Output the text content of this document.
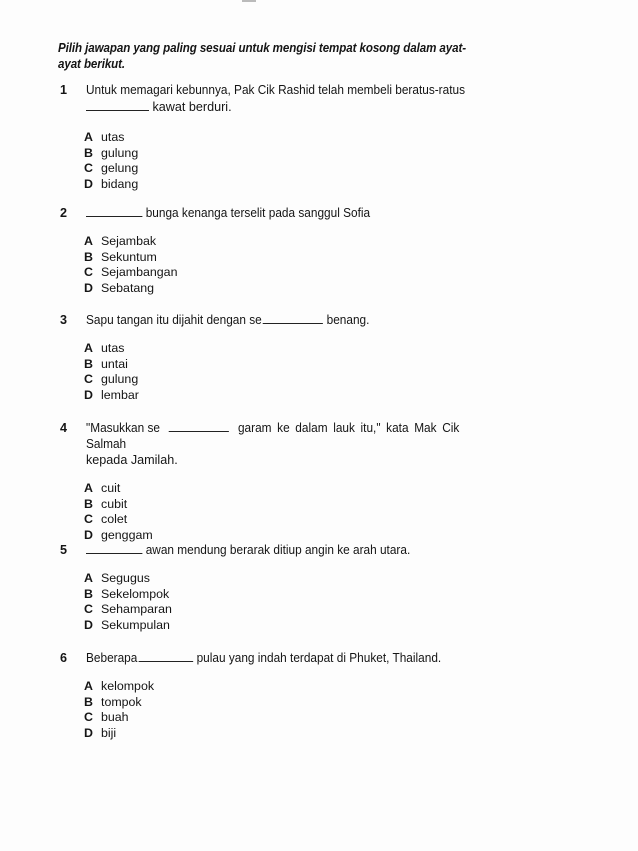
Pilih jawapan yang paling sesuai untuk mengisi tempat kosong dalam ayat-ayat berikut.
1	Untuk memagari kebunnya, Pak Cik Rashid telah membeli beratus-ratus
kawat berduri.
A utas
B gulung
C gelung
D bidang
2	bunga kenanga terselit pada sanggul Sofia
A Sejambak
B Sekuntum
C Sejambangan
D Sebatang
3	Sapu tangan itu dijahit dengan se	benang.
A utas
B untai
C gulung
D lembar
4	"Masukkan se	garam ke dalam lauk itu," kata Mak Cik Salmah
kepada Jamilah.
A cuit
B cubit
C colet
D genggam
5	awan mendung berarak ditiup angin ke arah utara.
A Segugus
B Sekelompok
C Sehamparan
D Sekumpulan
6	Beberapa	pulau yang indah terdapat di Phuket, Thailand.
A kelompok
B tompok
C buah
D biji
